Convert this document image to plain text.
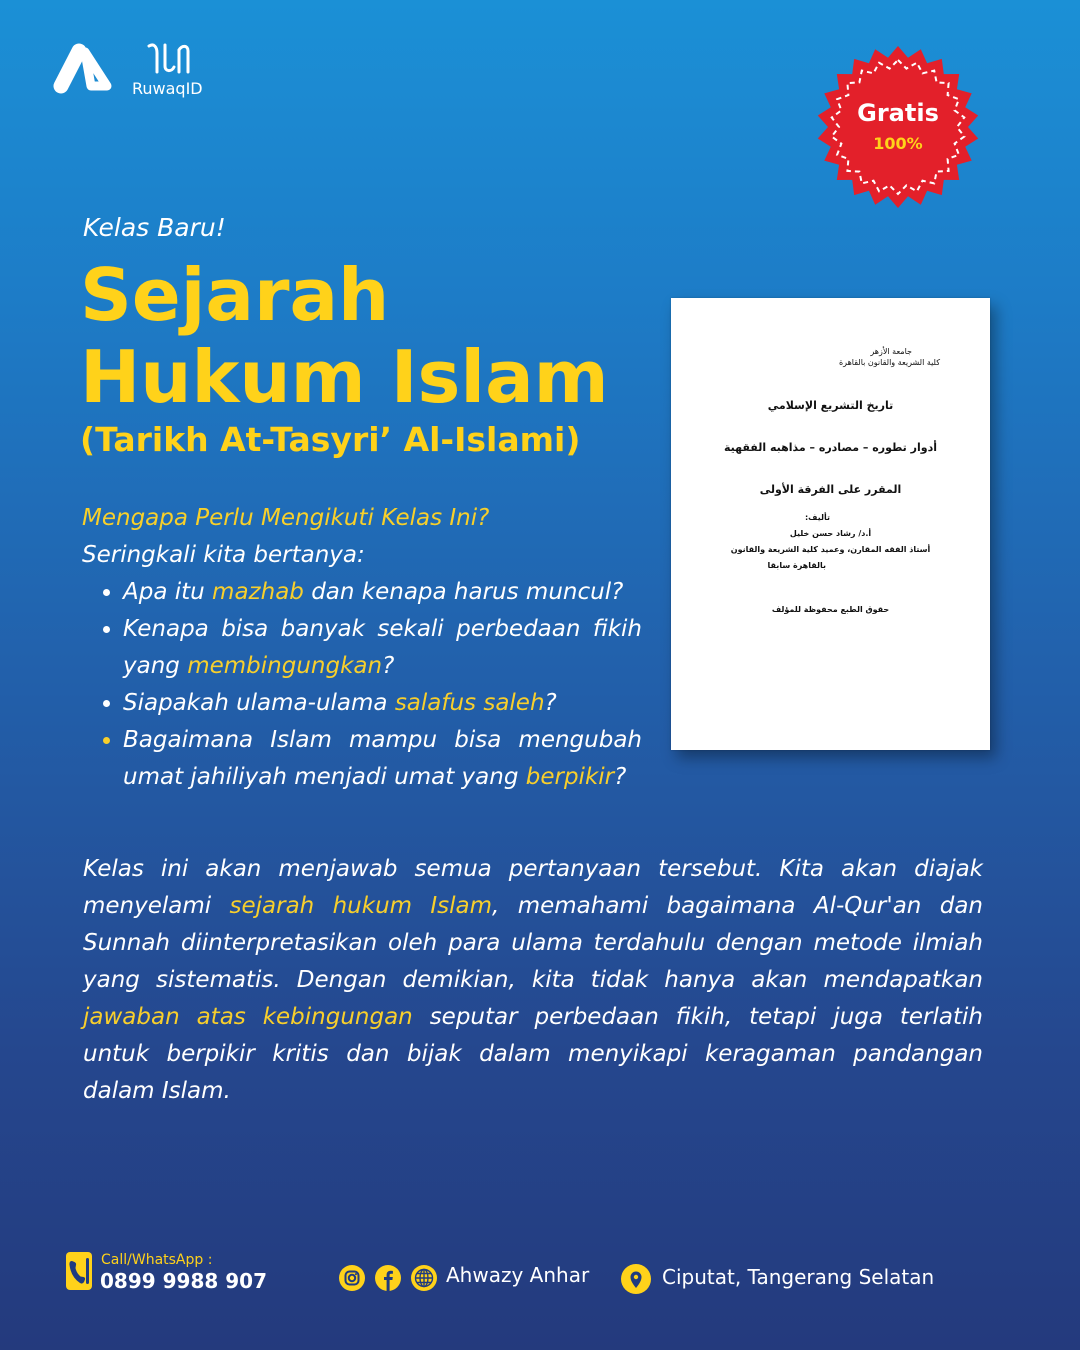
RuwaqID
Gratis
100%
Kelas Baru!
Sejarah
Hukum Islam
(Tarikh At-Tasyri’ Al-Islami)
Mengapa Perlu Mengikuti Kelas Ini?
Seringkali kita bertanya:
Apa itu mazhab dan kenapa harus muncul?
Kenapa bisa banyak sekali perbedaan fikih yang membingungkan?
Siapakah ulama-ulama salafus saleh?
Bagaimana Islam mampu bisa mengubah umat jahiliyah menjadi umat yang berpikir?
جامعة الأزهر
كلية الشريعة والقانون بالقاهرة
تاريخ التشريع الإسلامي
أدوار تطوره – مصادره – مذاهبه الفقهية
المقرر على الفرقة الأولى
تأليف:
أ.د/ رشاد حسن خليل
أستاذ الفقه المقارن، وعميد كلية الشريعة والقانون
بالقاهرة سابقا
حقوق الطبع محفوظة للمؤلف
Kelas ini akan menjawab semua pertanyaan tersebut. Kita akan diajak
menyelami sejarah hukum Islam, memahami bagaimana Al-Qur'an dan
Sunnah diinterpretasikan oleh para ulama terdahulu dengan metode ilmiah
yang sistematis. Dengan demikian, kita tidak hanya akan mendapatkan
jawaban atas kebingungan seputar perbedaan fikih, tetapi juga terlatih
untuk berpikir kritis dan bijak dalam menyikapi keragaman pandangan
dalam Islam.
Call/WhatsApp :
0899 9988 907	Ahwazy Anhar	Ciputat, Tangerang Selatan
